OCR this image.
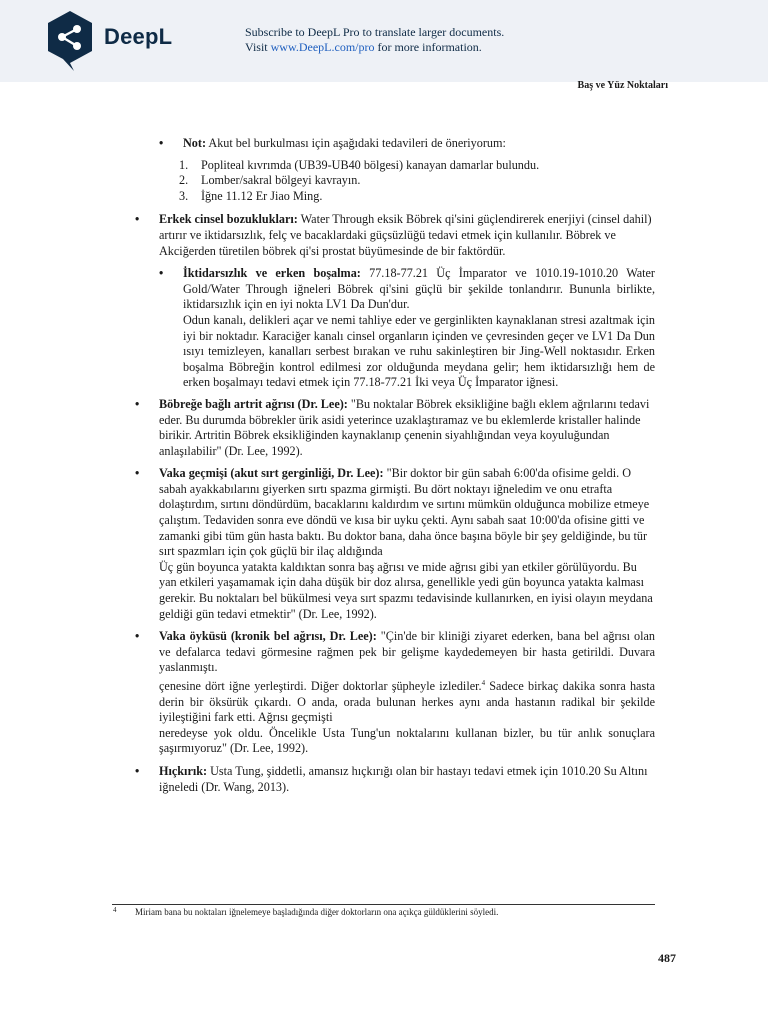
DeepL	Subscribe to DeepL Pro to translate larger documents.
Visit www.DeepL.com/pro for more information.
Baş ve Yüz Noktaları
• Not: Akut bel burkulması için aşağıdaki tedavileri de öneriyorum:
1. Popliteal kıvrımda (UB39-UB40 bölgesi) kanayan damarlar bulundu.
2. Lomber/sakral bölgeyi kavrayın.
3. İğne 11.12 Er Jiao Ming.
• Erkek cinsel bozuklukları: Water Through eksik Böbrek qi'sini güçlendirerek enerjiyi (cinsel dahil) artırır ve iktidarsızlık, felç ve bacaklardaki güçsüzlüğü tedavi etmek için kullanılır. Böbrek ve Akciğerden türetilen böbrek qi'si prostat büyümesinde de bir faktördür.
• İktidarsızlık ve erken boşalma: 77.18-77.21 Üç İmparator ve 1010.19-1010.20 Water Gold/Water Through iğneleri Böbrek qi'sini güçlü bir şekilde tonlandırır. Bununla birlikte, iktidarsızlık için en iyi nokta LV1 Da Dun'dur.
Odun kanalı, delikleri açar ve nemi tahliye eder ve gerginlikten kaynaklanan stresi azaltmak için iyi bir noktadır. Karaciğer kanalı cinsel organların içinden ve çevresinden geçer ve LV1 Da Dun ısıyı temizleyen, kanalları serbest bırakan ve ruhu sakinleştiren bir Jing-Well noktasıdır. Erken boşalma Böbreğin kontrol edilmesi zor olduğunda meydana gelir; hem iktidarsızlığı hem de erken boşalmayı tedavi etmek için 77.18-77.21 İki veya Üç İmparator iğnesi.
• Böbreğe bağlı artrit ağrısı (Dr. Lee): "Bu noktalar Böbrek eksikliğine bağlı eklem ağrılarını tedavi eder. Bu durumda böbrekler ürik asidi yeterince uzaklaştıramaz ve bu eklemlerde kristaller halinde birikir. Artritin Böbrek eksikliğinden kaynaklanıp çenenin siyahlığından veya koyuluğundan anlaşılabilir" (Dr. Lee, 1992).
• Vaka geçmişi (akut sırt gerginliği, Dr. Lee): "Bir doktor bir gün sabah 6:00'da ofisime geldi. O sabah ayakkabılarını giyerken sırtı spazma girmişti. Bu dört noktayı iğneledim ve onu etrafta dolaştırdım, sırtını döndürdüm, bacaklarını kaldırdım ve sırtını mümkün olduğunca mobilize etmeye çalıştım. Tedaviden sonra eve döndü ve kısa bir uyku çekti. Aynı sabah saat 10:00'da ofisine gitti ve zamanki gibi tüm gün hasta baktı. Bu doktor bana, daha önce başına böyle bir şey geldiğinde, bu tür sırt spazmları için çok güçlü bir ilaç aldığında
Üç gün boyunca yatakta kaldıktan sonra baş ağrısı ve mide ağrısı gibi yan etkiler görülüyordu. Bu yan etkileri yaşamamak için daha düşük bir doz alırsa, genellikle yedi gün boyunca yatakta kalması gerekir. Bu noktaları bel bükülmesi veya sırt spazmı tedavisinde kullanırken, en iyisi olayın meydana geldiği gün tedavi etmektir" (Dr. Lee, 1992).
• Vaka öyküsü (kronik bel ağrısı, Dr. Lee): "Çin'de bir kliniği ziyaret ederken, bana bel ağrısı olan ve defalarca tedavi görmesine rağmen pek bir gelişme kaydedemeyen bir hasta getirildi. Duvara yaslanmıştı.
çenesine dört iğne yerleştirdi. Diğer doktorlar şüpheyle izlediler.$^4$ Sadece birkaç dakika sonra hasta derin bir öksürük çıkardı. O anda, orada bulunan herkes aynı anda hastanın radikal bir şekilde iyileştiğini fark etti. Ağrısı geçmişti
neredeyse yok oldu. Öncelikle Usta Tung'un noktalarını kullanan bizler, bu tür anlık sonuçlara şaşırmıyoruz" (Dr. Lee, 1992).
• Hıçkırık: Usta Tung, şiddetli, amansız hıçkırığı olan bir hastayı tedavi etmek için 1010.20 Su Altını iğneledi (Dr. Wang, 2013).
4 Miriam bana bu noktaları iğnelemeye başladığında diğer doktorların ona açıkça güldüklerini söyledi.
487
